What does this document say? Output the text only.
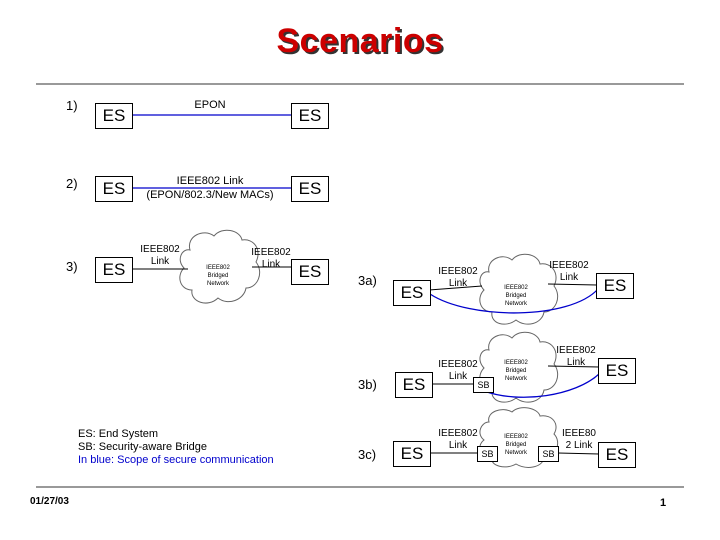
Scenarios
1)
2)
3)
3a)
3b)
3c)
ES	ES
EPON
ES	ES
IEEE802 Link
(EPON/802.3/New MACs)
ES	ES
IEEE802
Link
IEEE802
Link
IEEE802
Bridged
Network	ES	ES
IEEE802
Link
IEEE802
Link
IEEE802
Bridged
Network
ES
ES
SB
IEEE802
Link
IEEE802
Link
IEEE802
Bridged
Network
ES	ES
SB	SB
IEEE802
Link
IEEE80
2 Link
IEEE802
Bridged
Network
ES: End System
SB: Security-aware Bridge
In blue: Scope of secure communication
01/27/03	1
